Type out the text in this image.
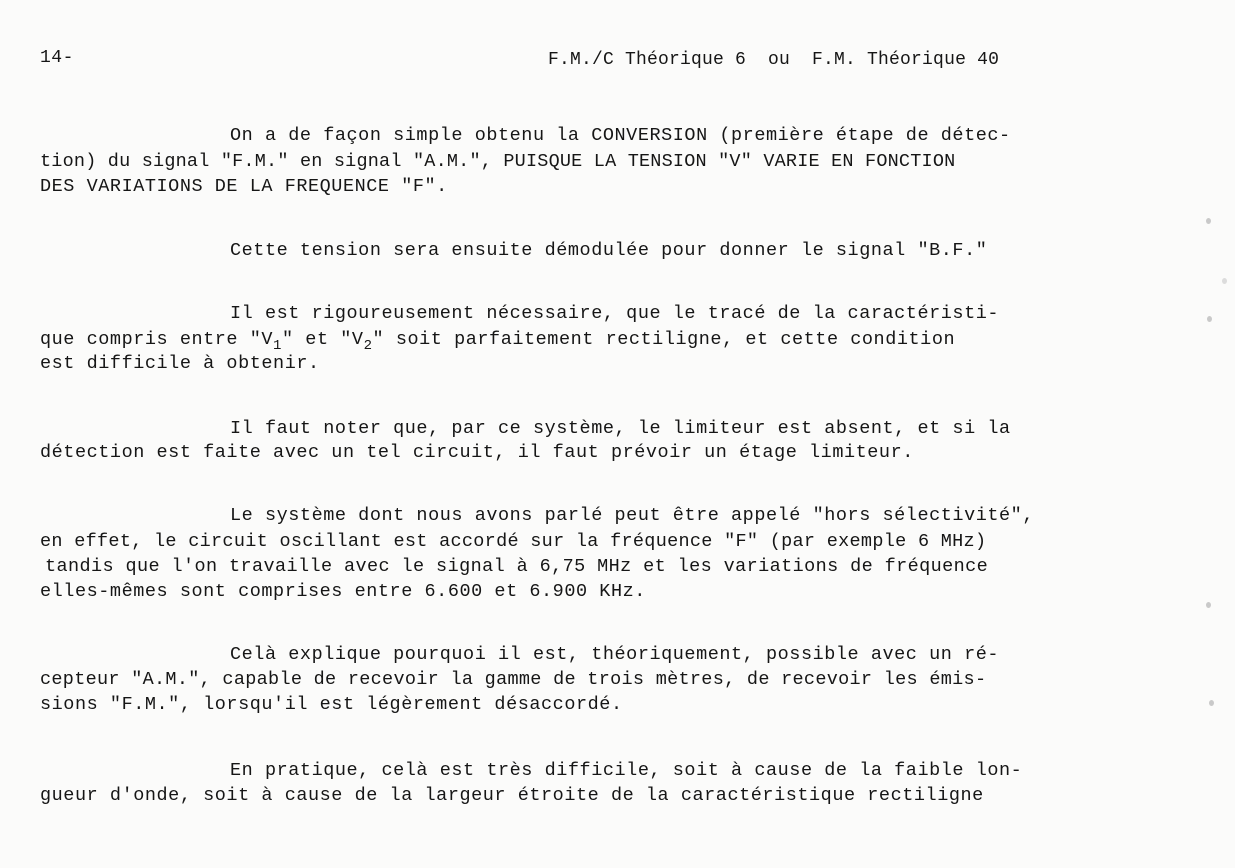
14-	F.M./C Théorique 6  ou  F.M. Théorique 40
On a de façon simple obtenu la CONVERSION (première étape de détec-
tion) du signal "F.M." en signal "A.M.", PUISQUE LA TENSION "V" VARIE EN FONCTION
DES VARIATIONS DE LA FREQUENCE "F".
Cette tension sera ensuite démodulée pour donner le signal "B.F."
Il est rigoureusement nécessaire, que le tracé de la caractéristi-
que compris entre "$V_1$" et "$V_2$" soit parfaitement rectiligne, et cette condition
est difficile à obtenir.
Il faut noter que, par ce système, le limiteur est absent, et si la
détection est faite avec un tel circuit, il faut prévoir un étage limiteur.
Le système dont nous avons parlé peut être appelé "hors sélectivité",
en effet, le circuit oscillant est accordé sur la fréquence "F" (par exemple 6 MHz)
tandis que l'on travaille avec le signal à 6,75 MHz et les variations de fréquence
elles-mêmes sont comprises entre 6.600 et 6.900 KHz.
Celà explique pourquoi il est, théoriquement, possible avec un ré-
cepteur "A.M.", capable de recevoir la gamme de trois mètres, de recevoir les émis-
sions "F.M.", lorsqu'il est légèrement désaccordé.
En pratique, celà est très difficile, soit à cause de la faible lon-
gueur d'onde, soit à cause de la largeur étroite de la caractéristique rectiligne
